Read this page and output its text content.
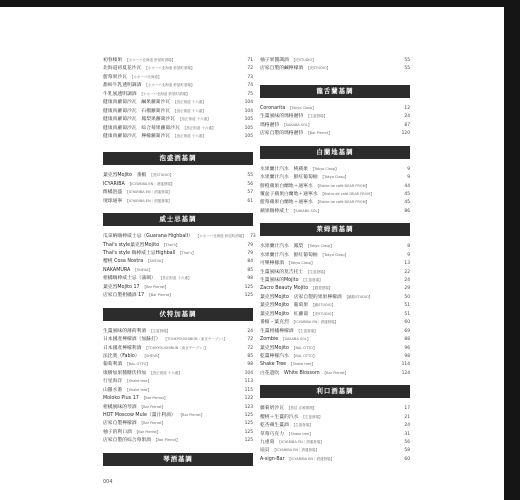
初春榛果 【ホホーバ北海道 鈴屋町酒場】	71
北海道初夏花沙瓦 【ホホーバ北海道 鈴屋町酒場】	72
藍莓果沙瓦 【ホホーバ北海道】	73
甜柿牛乳透明調酒 【ホホーバ北海道 鈴屋町酒場】	74
牛乳風透明調酒 【ホホーバ北海道 鈴屋町酒場】	75
健康肉蘿蔔沙瓦　鹹果蘿蔔沙瓦 【鳥正街道 十六番】	104
健康肉蘿蔔沙瓦　石榴蘿蔔沙瓦 【鳥正街道 十六番】	104
健康肉蘿蔔沙瓦　鳳梨果蘿蔔沙瓦 【鳥正街道 十六番】	105
健康肉蘿蔔沙瓦　綜合莓果蘿蔔沙瓦 【鳥正街道 十六番】	105
健康肉蘿蔔沙瓦　檸檬蘿蔔沙瓦 【鳥正街道 十六番】	105
泡盛酒基調
葉克烈Mojito　番椒 【虎STUDIO】	55
ICYARIBA 【ICYARIBA EN｜酒蓮發場】	56
酢橘泡盛 【ICYARIBA EN｜酒蓮發場】	57
琉球通寧 【ICYARIBA EN｜酒蓮發場】	61
威士忌基調
瓜拿納嗨棒威士忌（Guarana Highball） 【ホホーバ北海道 鈴屋町酒場】	73
Thai's style葉克烈Mojito 【Thai's】	79
Thai's style 嗨棒威士忌Highball 【Thai's】	79
櫻桃 Cosa Nostra 【SHEVA】	84
NAKAMURA 【SHEVA】	85
柑橘嗨棒威士忌（蒲瑚） 【鳥正街道 十六番】	98
葉克烈Mojito 17 【Bar Pierrot】	125
店家自製柑橘酒 17 【Bar Pierrot】	125
伏特加基調
生薑風味的薄荷利酒 【生薑發場】	24
日本國產檸檬酒（加蘇打） 【TOUKYOUSHIBUN（東京チーブン）】	72
日本國產檸檬利酒 【TOUKYOUSHIBUN（東京チーブン）】	72
法比奧（Fabio） 【SHEVA】	85
葡萄利酒 【BAL OTTO】	98
康樹加果醬糖伏特加 【鳥正街道 十六番】	104
行星海洋 【Shake tree】	113
山羅水番 【Shake tree】	115
Moloko Plus 17 【Bar Pierrot】	122
柑橘風味的琴酒 【Bar Pierrot】	123
HOT Moscow Mule（薑汁利酒） 【Bar Pierrot】	125
店家自製檸檬酒 【Bar Pierrot】	125
柚子的利口酒 【Bar Pierrot】	125
店家自製的綜合莓果酒 【Bar Pierrot】	125
琴酒基調
柚子果醬調酒 【虎STUDIO】	55
店家自製的鹹檸檬酒 【虎STUDIO】	55
龍舌蘭基調
Coronarita 【Tokyo Clasp】	12
生薑風味的瑪格麗特 【生薑發場】	24
瑪格麗特 【SAKABA SOL】	87
店家自製的瑪格麗特 【Bar Pierrot】	120
白蘭地基調
水果蘭汁汽水　桃蘋果 【Tokyo Clasp】	9
水果蘭汁汽水　鮮紅葡萄柚 【Tokyo Clasp】	9
鮮橙蘋果白蘭地＋通寧水 【Bistro de café DEAR FROM】	44
覆盆子蘋果白蘭地＋通寧水 【Bistro de café DEAR FROM】	45
藍莓蘋果白蘭地＋通寧水 【Bistro de café DEAR FROM】	45
蘋果嗨棒威士 【SAKABA SOL】	86
萊姆酒基調
水果蘭汁汽水　鳳梨 【Tokyo Clasp】	8
水果蘭汁汽水　鮮紅葡萄柚 【Tokyo Clasp】	9
可樂檸檬酒 【Tokyo Clasp】	13
生薑風味的莫吉托士 【生薑發場】	22
生薑風味的Mojito 【生薑發場】	24
Zacro Beauty Mojito 【銀製發場】	29
葉克烈Mojito　店家自製的果果檸檬酒 【鐵路STUDIO】	50
葉克烈Mojito　葡萄果 【鐵STUDIO】	51
葉克烈Mojito　紅蘿蔔 【虎STUDIO】	51
番椒・葉克烈 【ICYARIBA EN｜酒蓮發場】	60
生薑柑橘檸檬酒 【生薑發場】	69
Zombie 【SAKABA SOL】	88
葉克烈Mojito 【BAL OTTO】	96
乾薑檸檬汽水 【BAL OTTO】	98
Shake Tree 【Shake tree】	114
白花遊吹　White Blossom 【Bar Pierrot】	124
利口酒基調
藤菊奶沙瓦 【旅居 浮雅雜劑】	17
櫻桃＋生薑的汽水 【生薑發場】	21
乾杏蘋生薑酒 【生薑發場】	24
草莓巧克力 【Shake tree】	31
九重葛 【ICYARIBA EN｜酒蓮發場】	56
扇貝 【ICYARIBA EN｜酒蓮發場】	58
A-sign-Bar 【ICYARIBA EN｜酒蓮發場】	60
004
